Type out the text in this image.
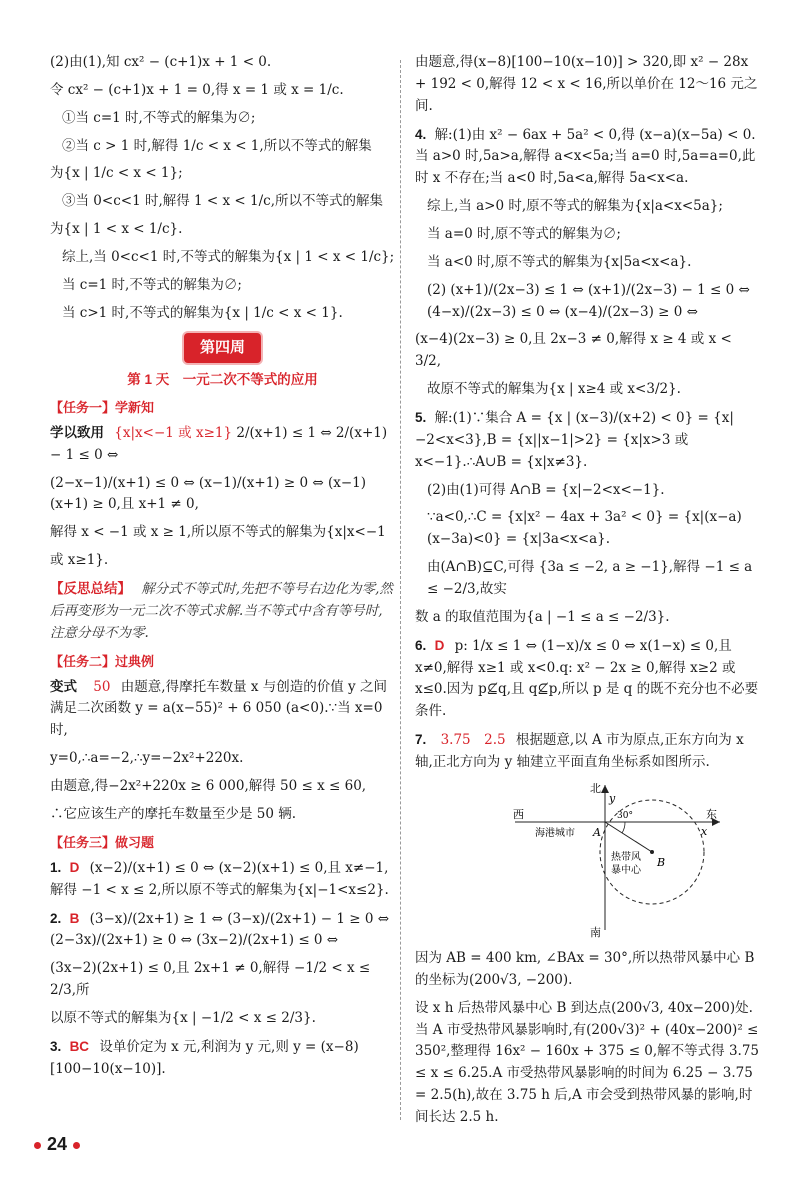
(2)由(1),知 cx² − (c+1)x + 1 < 0.

令 cx² − (c+1)x + 1 = 0,得 x = 1 或 x = 1/c.

①当 c=1 时,不等式的解集为∅;

②当 c > 1 时,解得 1/c < x < 1,所以不等式的解集

为{x | 1/c < x < 1};

③当 0<c<1 时,解得 1 < x < 1/c,所以不等式的解集

为{x | 1 < x < 1/c}.

综上,当 0<c<1 时,不等式的解集为{x | 1 < x < 1/c};

当 c=1 时,不等式的解集为∅;

当 c>1 时,不等式的解集为{x | 1/c < x < 1}.

第四周
第 1 天　一元二次不等式的应用
【任务一】学新知

学以致用 {x|x<−1 或 x≥1} 2/(x+1) ≤ 1 ⇔ 2/(x+1) − 1 ≤ 0 ⇔

(2−x−1)/(x+1) ≤ 0 ⇔ (x−1)/(x+1) ≥ 0 ⇔ (x−1)(x+1) ≥ 0,且 x+1 ≠ 0,

解得 x < −1 或 x ≥ 1,所以原不等式的解集为{x|x<−1

或 x≥1}.

【反思总结】 解分式不等式时,先把不等号右边化为零,然后再变形为一元二次不等式求解.当不等式中含有等号时,注意分母不为零.

【任务二】过典例

变式 50 由题意,得摩托车数量 x 与创造的价值 y 之间满足二次函数 y = a(x−55)² + 6 050 (a<0).∵当 x=0 时,

y=0,∴a=−2,∴y=−2x²+220x.

由题意,得−2x²+220x ≥ 6 000,解得 50 ≤ x ≤ 60,

∴它应该生产的摩托车数量至少是 50 辆.

【任务三】做习题

1. D (x−2)/(x+1) ≤ 0 ⇔ (x−2)(x+1) ≤ 0,且 x≠−1,解得 −1 < x ≤ 2,所以原不等式的解集为{x|−1<x≤2}.

2. B (3−x)/(2x+1) ≥ 1 ⇔ (3−x)/(2x+1) − 1 ≥ 0 ⇔ (2−3x)/(2x+1) ≥ 0 ⇔ (3x−2)/(2x+1) ≤ 0 ⇔

(3x−2)(2x+1) ≤ 0,且 2x+1 ≠ 0,解得 −1/2 < x ≤ 2/3,所

以原不等式的解集为{x | −1/2 < x ≤ 2/3}.

3. BC 设单价定为 x 元,利润为 y 元,则 y = (x−8)[100−10(x−10)].

由题意,得(x−8)[100−10(x−10)] > 320,即 x² − 28x + 192 < 0,解得 12 < x < 16,所以单价在 12～16 元之间.

4. 解:(1)由 x² − 6ax + 5a² < 0,得 (x−a)(x−5a) < 0.当 a>0 时,5a>a,解得 a<x<5a;当 a=0 时,5a=a=0,此时 x 不存在;当 a<0 时,5a<a,解得 5a<x<a.

综上,当 a>0 时,原不等式的解集为{x|a<x<5a};

当 a=0 时,原不等式的解集为∅;

当 a<0 时,原不等式的解集为{x|5a<x<a}.

(2) (x+1)/(2x−3) ≤ 1 ⇔ (x+1)/(2x−3) − 1 ≤ 0 ⇔ (4−x)/(2x−3) ≤ 0 ⇔ (x−4)/(2x−3) ≥ 0 ⇔

(x−4)(2x−3) ≥ 0,且 2x−3 ≠ 0,解得 x ≥ 4 或 x < 3/2,

故原不等式的解集为{x | x≥4 或 x<3/2}.

5. 解:(1)∵集合 A = {x | (x−3)/(x+2) < 0} = {x|−2<x<3},B = {x||x−1|>2} = {x|x>3 或 x<−1}.∴A∪B = {x|x≠3}.

(2)由(1)可得 A∩B = {x|−2<x<−1}.

∵a<0,∴C = {x|x² − 4ax + 3a² < 0} = {x|(x−a)(x−3a)<0} = {x|3a<x<a}.

由(A∩B)⊆C,可得 {3a ≤ −2, a ≥ −1},解得 −1 ≤ a ≤ −2/3,故实

数 a 的取值范围为{a | −1 ≤ a ≤ −2/3}.

6. D p: 1/x ≤ 1 ⇔ (1−x)/x ≤ 0 ⇔ x(1−x) ≤ 0,且 x≠0,解得 x≥1 或 x<0.q: x² − 2x ≥ 0,解得 x≥2 或 x≤0.因为 p⊈q,且 q⊈p,所以 p 是 q 的既不充分也不必要条件.

7. 3.75　2.5 根据题意,以 A 市为原点,正东方向为 x 轴,正北方向为 y 轴建立平面直角坐标系如图所示.

北
y
南
西	东
x
A
海港城市
30°
热带风
暴中心
B

因为 AB = 400 km, ∠BAx = 30°,所以热带风暴中心 B 的坐标为(200√3, −200).

设 x h 后热带风暴中心 B 到达点(200√3, 40x−200)处.当 A 市受热带风暴影响时,有(200√3)² + (40x−200)² ≤ 350²,整理得 16x² − 160x + 375 ≤ 0,解不等式得 3.75 ≤ x ≤ 6.25.A 市受热带风暴影响的时间为 6.25 − 3.75 = 2.5(h),故在 3.75 h 后,A 市会受到热带风暴的影响,时间长达 2.5 h.

24
